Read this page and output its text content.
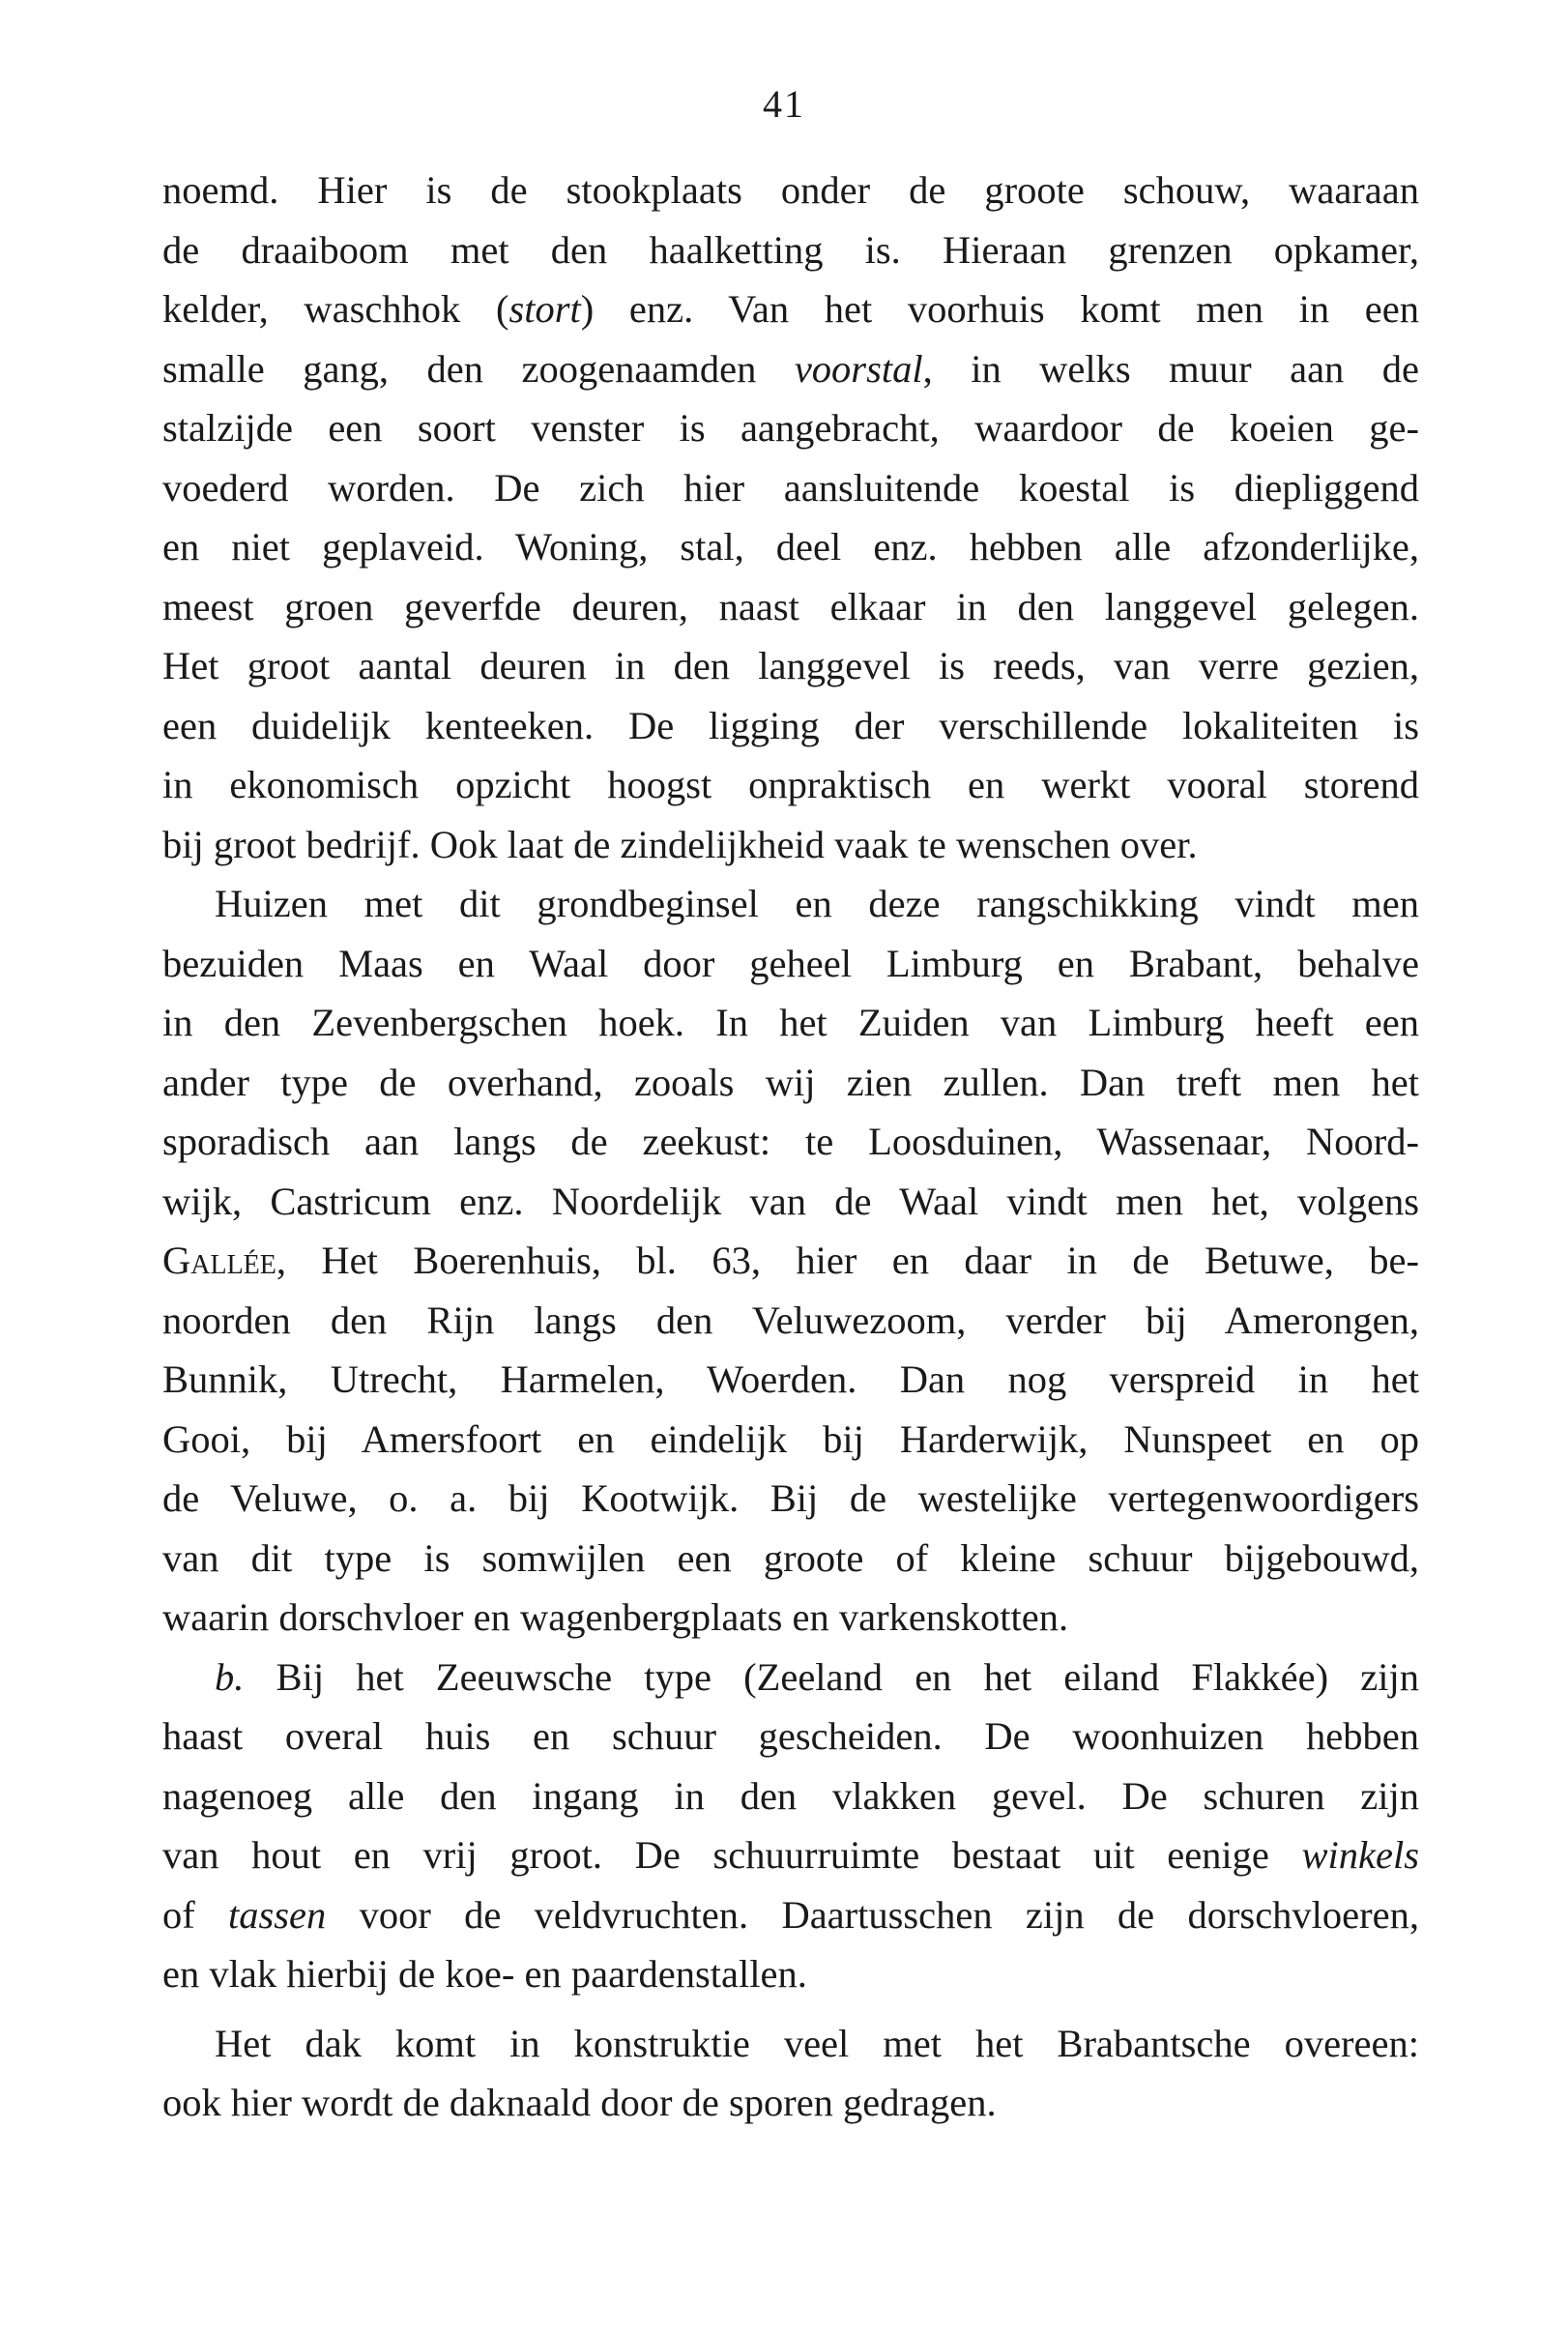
41
noemd. Hier is de stookplaats onder de groote schouw, waaraan
de draaiboom met den haalketting is. Hieraan grenzen opkamer,
kelder, waschhok (stort) enz. Van het voorhuis komt men in een
smalle gang, den zoogenaamden voorstal, in welks muur aan de
stalzijde een soort venster is aangebracht, waardoor de koeien ge-
voederd worden. De zich hier aansluitende koestal is diepliggend
en niet geplaveid. Woning, stal, deel enz. hebben alle afzonderlijke,
meest groen geverfde deuren, naast elkaar in den langgevel gelegen.
Het groot aantal deuren in den langgevel is reeds, van verre gezien,
een duidelijk kenteeken. De ligging der verschillende lokaliteiten is
in ekonomisch opzicht hoogst onpraktisch en werkt vooral storend
bij groot bedrijf. Ook laat de zindelijkheid vaak te wenschen over.
Huizen met dit grondbeginsel en deze rangschikking vindt men
bezuiden Maas en Waal door geheel Limburg en Brabant, behalve
in den Zevenbergschen hoek. In het Zuiden van Limburg heeft een
ander type de overhand, zooals wij zien zullen. Dan treft men het
sporadisch aan langs de zeekust: te Loosduinen, Wassenaar, Noord-
wijk, Castricum enz. Noordelijk van de Waal vindt men het, volgens
Gallée, Het Boerenhuis, bl. 63, hier en daar in de Betuwe, be-
noorden den Rijn langs den Veluwezoom, verder bij Amerongen,
Bunnik, Utrecht, Harmelen, Woerden. Dan nog verspreid in het
Gooi, bij Amersfoort en eindelijk bij Harderwijk, Nunspeet en op
de Veluwe, o. a. bij Kootwijk. Bij de westelijke vertegenwoordigers
van dit type is somwijlen een groote of kleine schuur bijgebouwd,
waarin dorschvloer en wagenbergplaats en varkenskotten.
b. Bij het Zeeuwsche type (Zeeland en het eiland Flakkée) zijn
haast overal huis en schuur gescheiden. De woonhuizen hebben
nagenoeg alle den ingang in den vlakken gevel. De schuren zijn
van hout en vrij groot. De schuurruimte bestaat uit eenige winkels
of tassen voor de veldvruchten. Daartusschen zijn de dorschvloeren,
en vlak hierbij de koe- en paardenstallen.
Het dak komt in konstruktie veel met het Brabantsche overeen:
ook hier wordt de daknaald door de sporen gedragen.
